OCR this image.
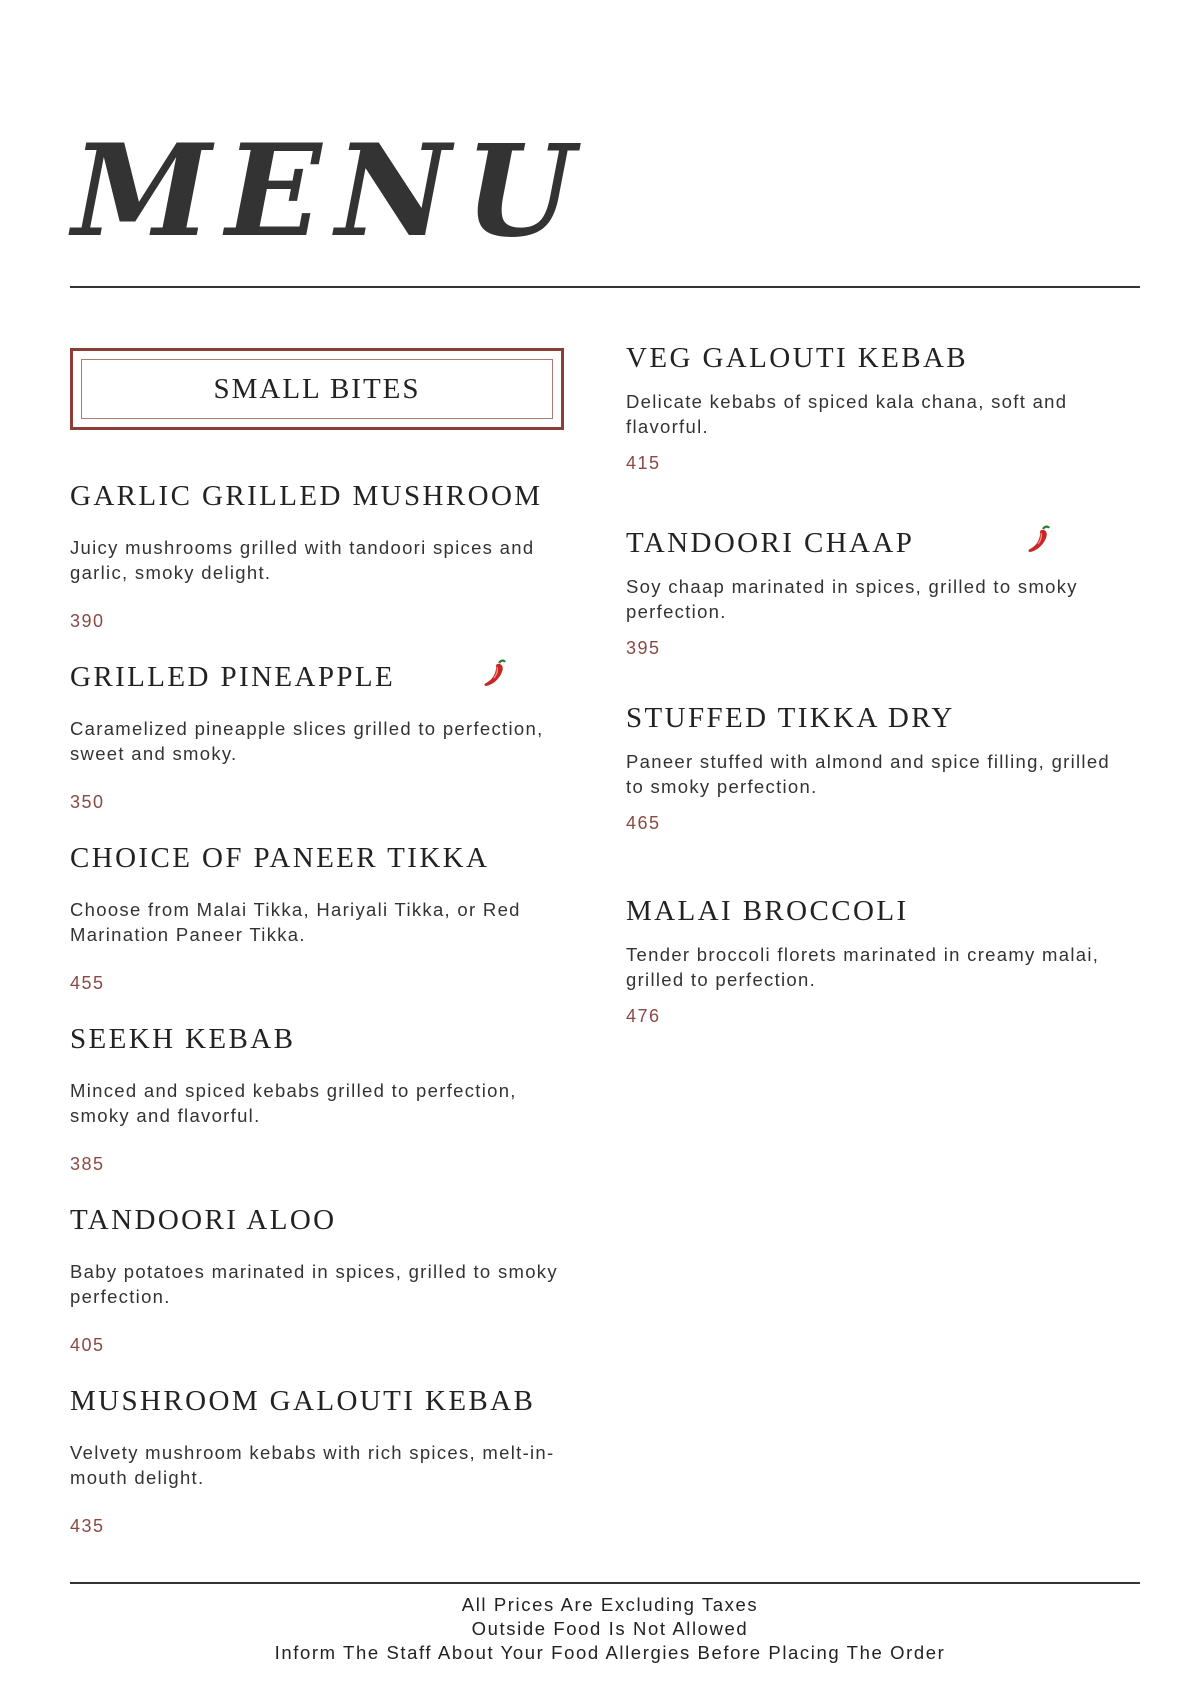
MENU
SMALL BITES
GARLIC GRILLED MUSHROOM
Juicy mushrooms grilled with tandoori spices and garlic, smoky delight.
390
GRILLED PINEAPPLE
Caramelized pineapple slices grilled to perfection, sweet and smoky.
350
CHOICE OF PANEER TIKKA
Choose from Malai Tikka, Hariyali Tikka, or Red Marination Paneer Tikka.
455
SEEKH KEBAB
Minced and spiced kebabs grilled to perfection, smoky and flavorful.
385
TANDOORI ALOO
Baby potatoes marinated in spices, grilled to smoky perfection.
405
MUSHROOM GALOUTI KEBAB
Velvety mushroom kebabs with rich spices, melt-in-mouth delight.
435
VEG GALOUTI KEBAB
Delicate kebabs of spiced kala chana, soft and flavorful.
415
TANDOORI CHAAP
Soy chaap marinated in spices, grilled to smoky perfection.
395
STUFFED TIKKA DRY
Paneer stuffed with almond and spice filling, grilled to smoky perfection.
465
MALAI BROCCOLI
Tender broccoli florets marinated in creamy malai, grilled to perfection.
476
All Prices Are Excluding Taxes
Outside Food Is Not Allowed
Inform The Staff About Your Food Allergies Before Placing The Order
